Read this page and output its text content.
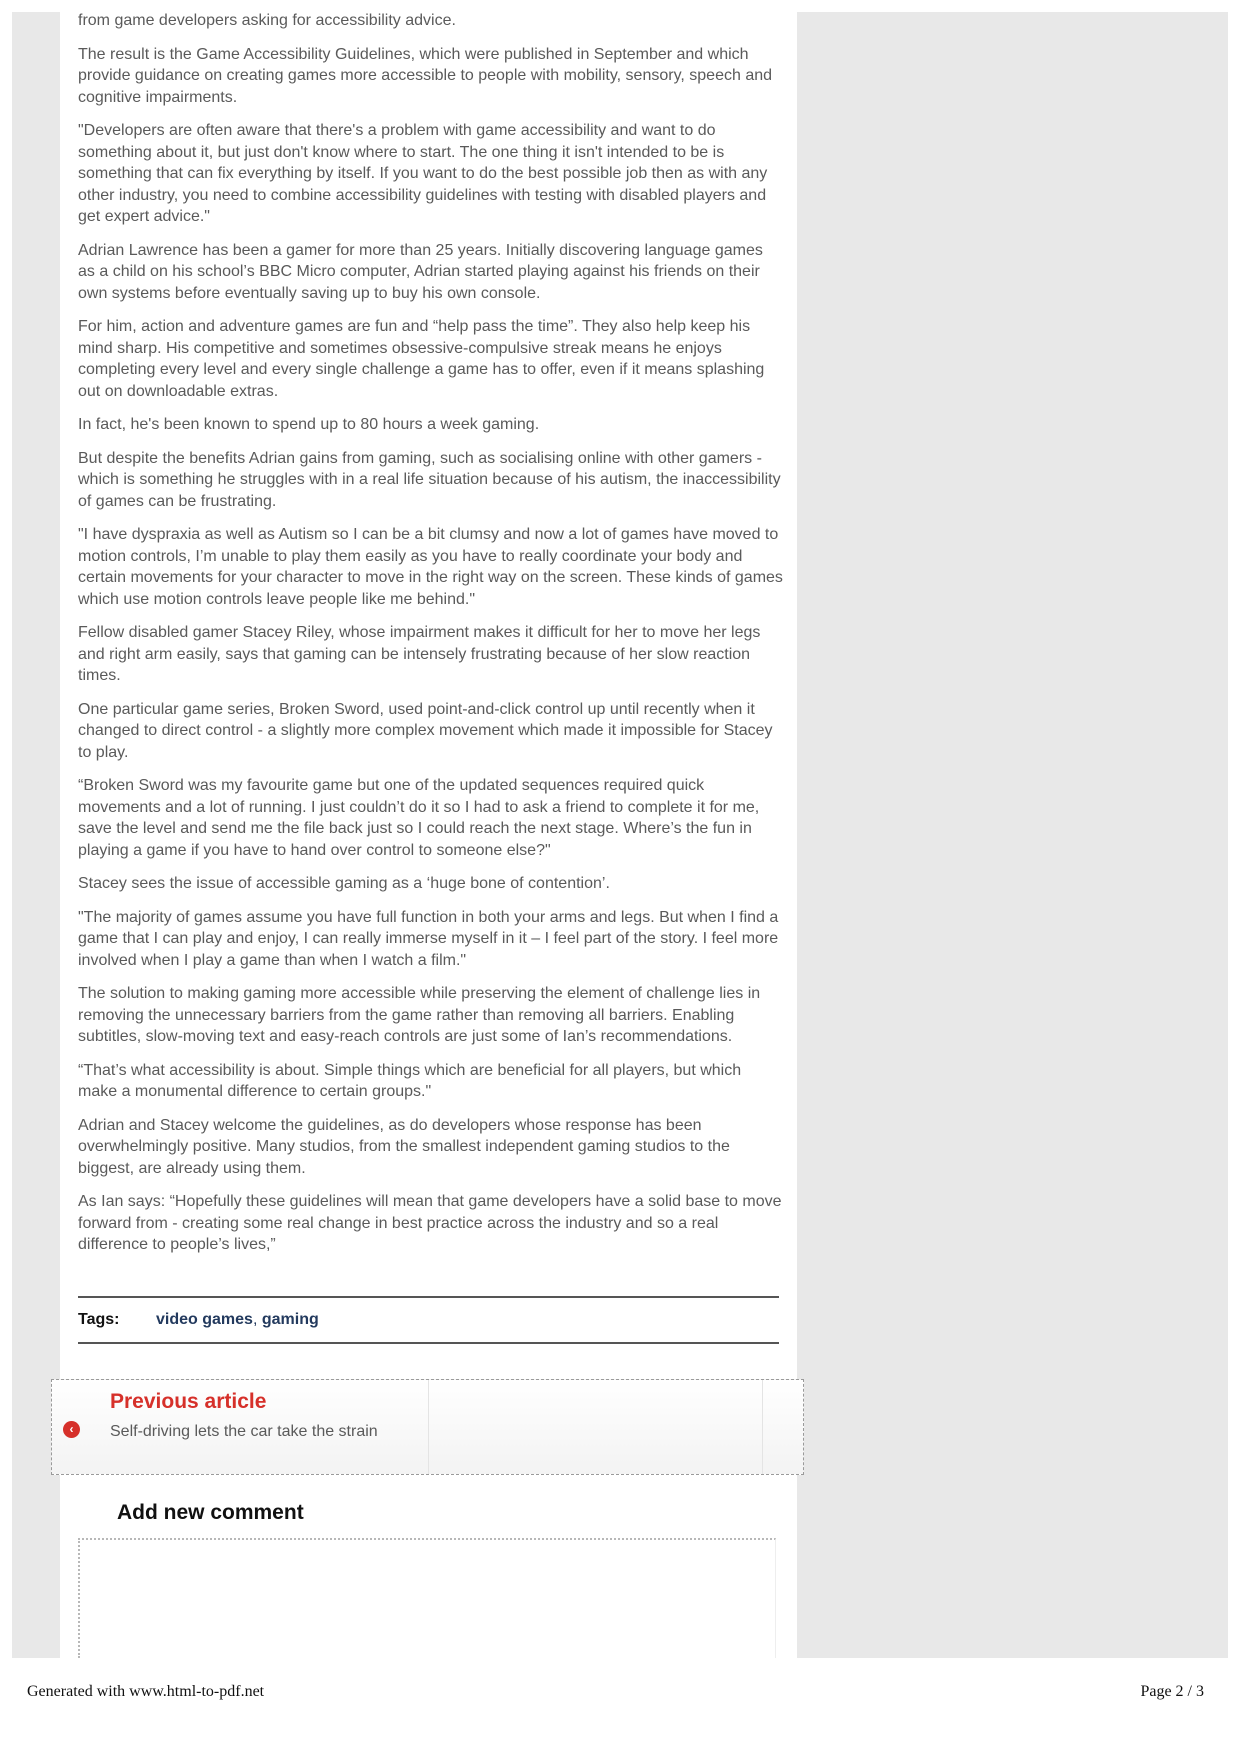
from game developers asking for accessibility advice.

The result is the Game Accessibility Guidelines, which were published in September and which provide guidance on creating games more accessible to people with mobility, sensory, speech and cognitive impairments.

"Developers are often aware that there's a problem with game accessibility and want to do something about it, but just don't know where to start. The one thing it isn't intended to be is something that can fix everything by itself. If you want to do the best possible job then as with any other industry, you need to combine accessibility guidelines with testing with disabled players and get expert advice."

Adrian Lawrence has been a gamer for more than 25 years. Initially discovering language games as a child on his school’s BBC Micro computer, Adrian started playing against his friends on their own systems before eventually saving up to buy his own console.

For him, action and adventure games are fun and “help pass the time”. They also help keep his mind sharp. His competitive and sometimes obsessive-compulsive streak means he enjoys completing every level and every single challenge a game has to offer, even if it means splashing out on downloadable extras.

In fact, he's been known to spend up to 80 hours a week gaming.

But despite the benefits Adrian gains from gaming, such as socialising online with other gamers - which is something he struggles with in a real life situation because of his autism, the inaccessibility of games can be frustrating.

"I have dyspraxia as well as Autism so I can be a bit clumsy and now a lot of games have moved to motion controls, I’m unable to play them easily as you have to really coordinate your body and certain movements for your character to move in the right way on the screen. These kinds of games which use motion controls leave people like me behind."

Fellow disabled gamer Stacey Riley, whose impairment makes it difficult for her to move her legs and right arm easily, says that gaming can be intensely frustrating because of her slow reaction times.

One particular game series, Broken Sword, used point-and-click control up until recently when it changed to direct control - a slightly more complex movement which made it impossible for Stacey to play.

“Broken Sword was my favourite game but one of the updated sequences required quick movements and a lot of running. I just couldn’t do it so I had to ask a friend to complete it for me, save the level and send me the file back just so I could reach the next stage. Where’s the fun in playing a game if you have to hand over control to someone else?"

Stacey sees the issue of accessible gaming as a ‘huge bone of contention’.

"The majority of games assume you have full function in both your arms and legs. But when I find a game that I can play and enjoy, I can really immerse myself in it – I feel part of the story. I feel more involved when I play a game than when I watch a film."

The solution to making gaming more accessible while preserving the element of challenge lies in removing the unnecessary barriers from the game rather than removing all barriers. Enabling subtitles, slow-moving text and easy-reach controls are just some of Ian’s recommendations.

“That’s what accessibility is about. Simple things which are beneficial for all players, but which make a monumental difference to certain groups."

Adrian and Stacey welcome the guidelines, as do developers whose response has been overwhelmingly positive. Many studios, from the smallest independent gaming studios to the biggest, are already using them.

As Ian says: “Hopefully these guidelines will mean that game developers have a solid base to move forward from - creating some real change in best practice across the industry and so a real difference to people’s lives,”

Tags: video games, gaming
‹
Previous article
Self-driving lets the car take the strain
Add new comment
Generated with www.html-to-pdf.net	Page 2 / 3
